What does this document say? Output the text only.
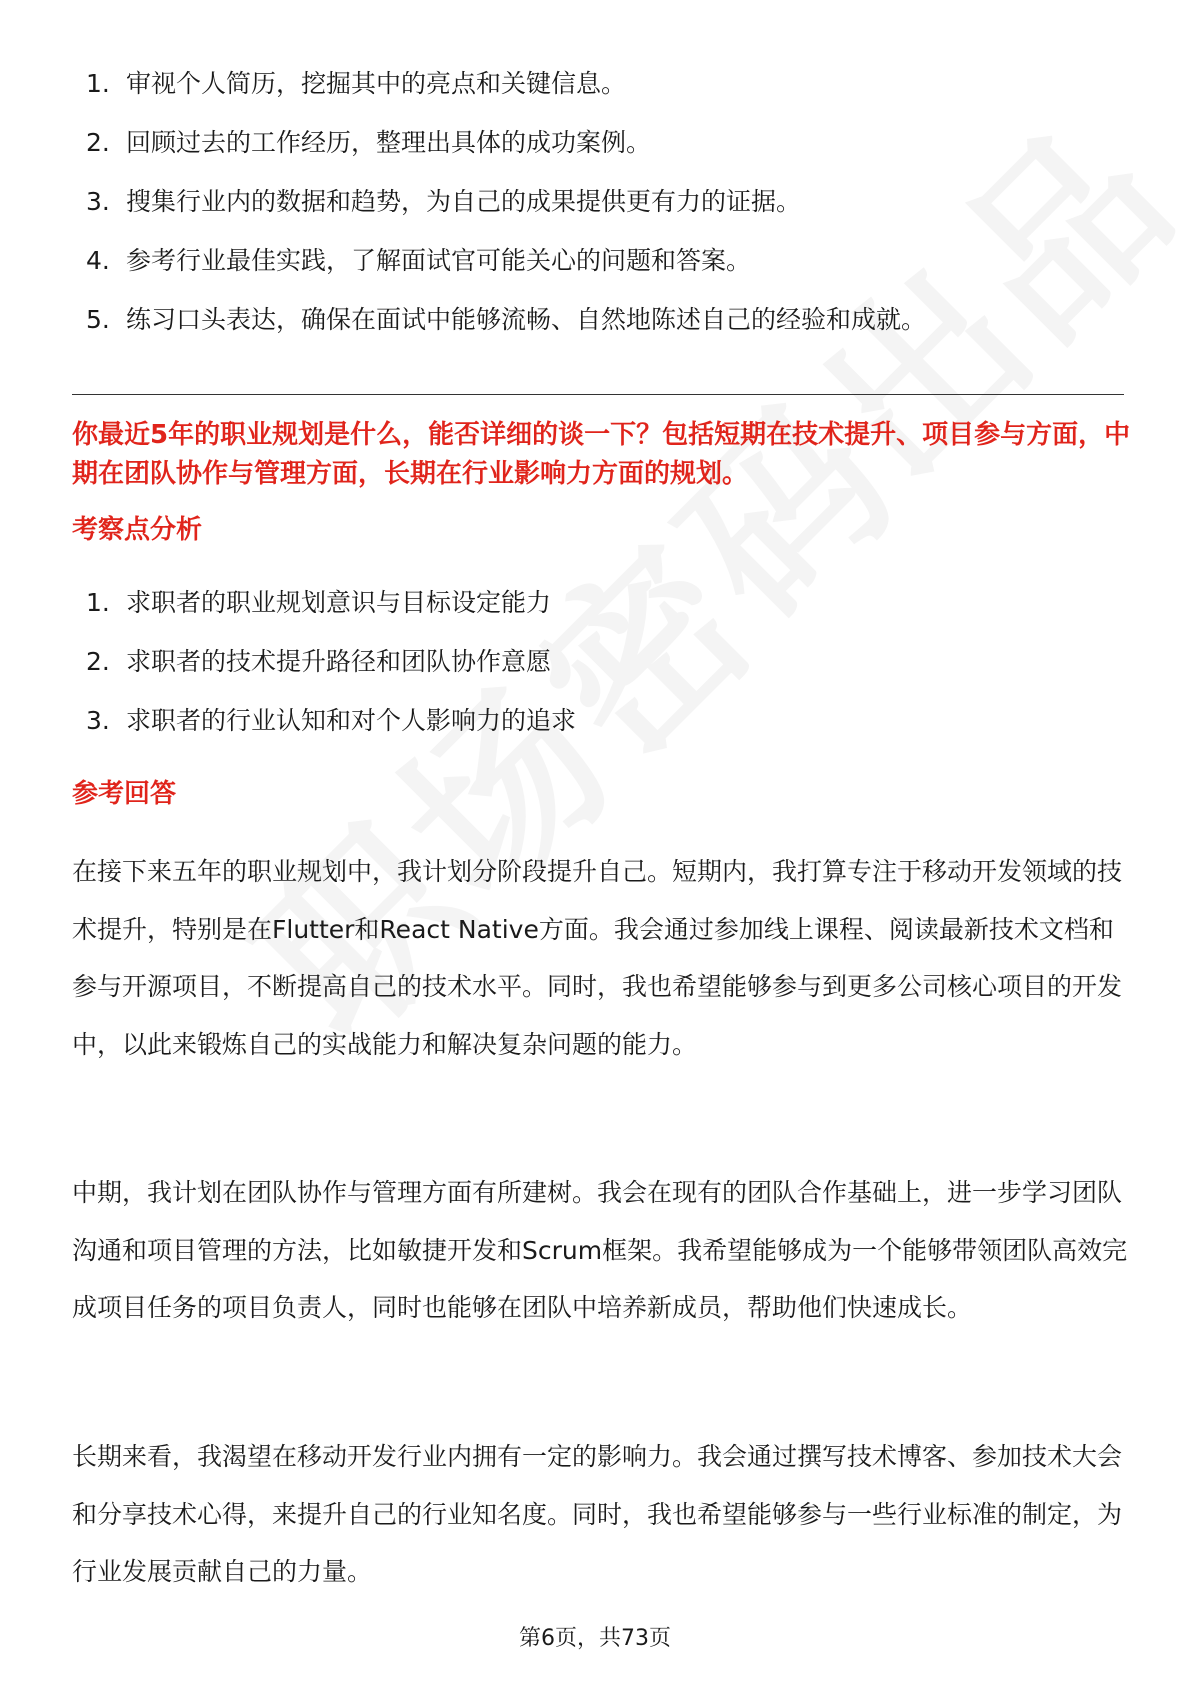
1. 审视个人简历，挖掘其中的亮点和关键信息。
2. 回顾过去的工作经历，整理出具体的成功案例。
3. 搜集行业内的数据和趋势，为自己的成果提供更有力的证据。
4. 参考行业最佳实践，了解面试官可能关心的问题和答案。
5. 练习口头表达，确保在面试中能够流畅、自然地陈述自己的经验和成就。
你最近5年的职业规划是什么，能否详细的谈一下？包括短期在技术提升、项目参与方面，中期在团队协作与管理方面，长期在行业影响力方面的规划。
考察点分析
1. 求职者的职业规划意识与目标设定能力
2. 求职者的技术提升路径和团队协作意愿
3. 求职者的行业认知和对个人影响力的追求
参考回答

在接下来五年的职业规划中，我计划分阶段提升自己。短期内，我打算专注于移动开发领域的技术提升，特别是在Flutter和React Native方面。我会通过参加线上课程、阅读最新技术文档和参与开源项目，不断提高自己的技术水平。同时，我也希望能够参与到更多公司核心项目的开发中，以此来锻炼自己的实战能力和解决复杂问题的能力。

中期，我计划在团队协作与管理方面有所建树。我会在现有的团队合作基础上，进一步学习团队沟通和项目管理的方法，比如敏捷开发和Scrum框架。我希望能够成为一个能够带领团队高效完成项目任务的项目负责人，同时也能够在团队中培养新成员，帮助他们快速成长。

长期来看，我渴望在移动开发行业内拥有一定的影响力。我会通过撰写技术博客、参加技术大会和分享技术心得，来提升自己的行业知名度。同时，我也希望能够参与一些行业标准的制定，为行业发展贡献自己的力量。

第6页，共73页
